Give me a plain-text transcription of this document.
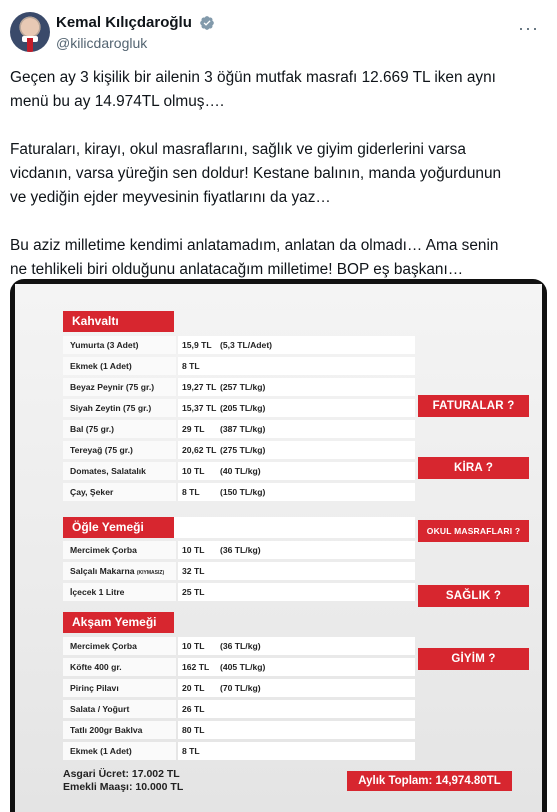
Kemal Kılıçdaroğlu
@kilicdarogluk
···

Geçen ay 3 kişilik bir ailenin 3 öğün mutfak masrafı 12.669 TL iken aynı

menü bu ay 14.974TL olmuş….

Faturaları, kirayı, okul masraflarını, sağlık ve giyim giderlerini varsa

vicdanın, varsa yüreğin sen doldur! Kestane balının, manda yoğurdunun

ve yediğin ejder meyvesinin fiyatlarını da yaz…

Bu aziz milletime kendimi anlatamadım, anlatan da olmadı… Ama senin

ne tehlikeli biri olduğunu anlatacağım milletime! BOP eş başkanı…

Kahvaltı
Yumurta (3 Adet)	15,9 TL (5,3 TL/Adet)
Ekmek (1 Adet)	8 TL
Beyaz Peynir (75 gr.)	19,27 TL (257 TL/kg)
Siyah Zeytin (75 gr.)	15,37 TL (205 TL/kg)
Bal (75 gr.)	29 TL (387 TL/kg)
Tereyağ (75 gr.)	20,62 TL (275 TL/kg)
Domates, Salatalık	10 TL (40 TL/kg)
Çay, Şeker	8 TL (150 TL/kg)
Öğle Yemeği
Mercimek Çorba	10 TL (36 TL/kg)
Salçalı Makarna (KIYMASIZ)	32 TL
İçecek 1 Litre	25 TL
Akşam Yemeği
Mercimek Çorba	10 TL (36 TL/kg)
Köfte 400 gr.	162 TL (405 TL/kg)
Pirinç Pilavı	20 TL (70 TL/kg)
Salata / Yoğurt	26 TL
Tatlı 200gr Baklva	80 TL
Ekmek (1 Adet)	8 TL
FATURALAR ?
KİRA ?
OKUL MASRAFLARI ?
SAĞLIK ?
GİYİM ?
Asgari Ücret: 17.002 TL
Emekli Maaşı: 10.000 TL	Aylık Toplam: 14,974.80TL
